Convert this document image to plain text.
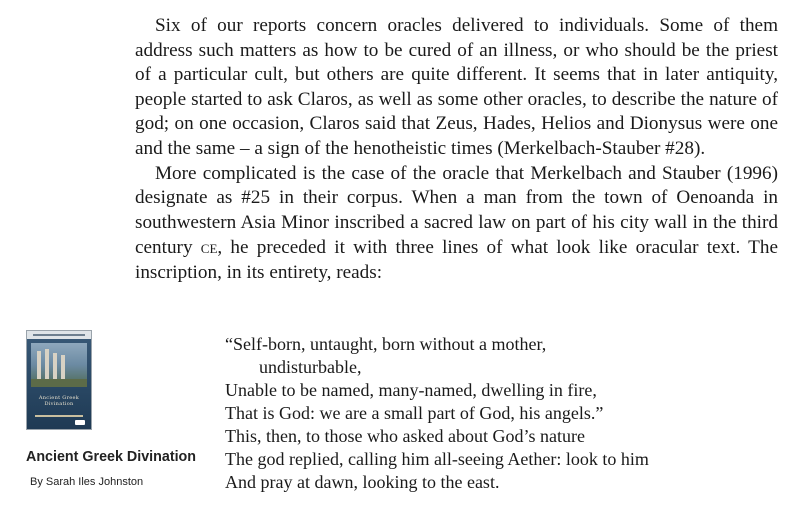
Six of our reports concern oracles delivered to individuals. Some of them address such matters as how to be cured of an illness, or who should be the priest of a particular cult, but others are quite different. It seems that in later antiquity, people started to ask Claros, as well as some other oracles, to describe the nature of god; on one occasion, Claros said that Zeus, Hades, Helios and Dionysus were one and the same – a sign of the henotheistic times (Merkelbach-Stauber #28).

More complicated is the case of the oracle that Merkelbach and Stauber (1996) designate as #25 in their corpus. When a man from the town of Oenoanda in southwestern Asia Minor inscribed a sacred law on part of his city wall in the third century ce, he preceded it with three lines of what look like oracular text. The inscription, in its entirety, reads:

“Self-born, untaught, born without a mother,
undisturbable,
Unable to be named, many-named, dwelling in fire,
That is God: we are a small part of God, his angels.”
This, then, to those who asked about God’s nature
The god replied, calling him all-seeing Aether: look to him
And pray at dawn, looking to the east.
Ancient Greek Divination
Ancient Greek Divination
By Sarah Iles Johnston
